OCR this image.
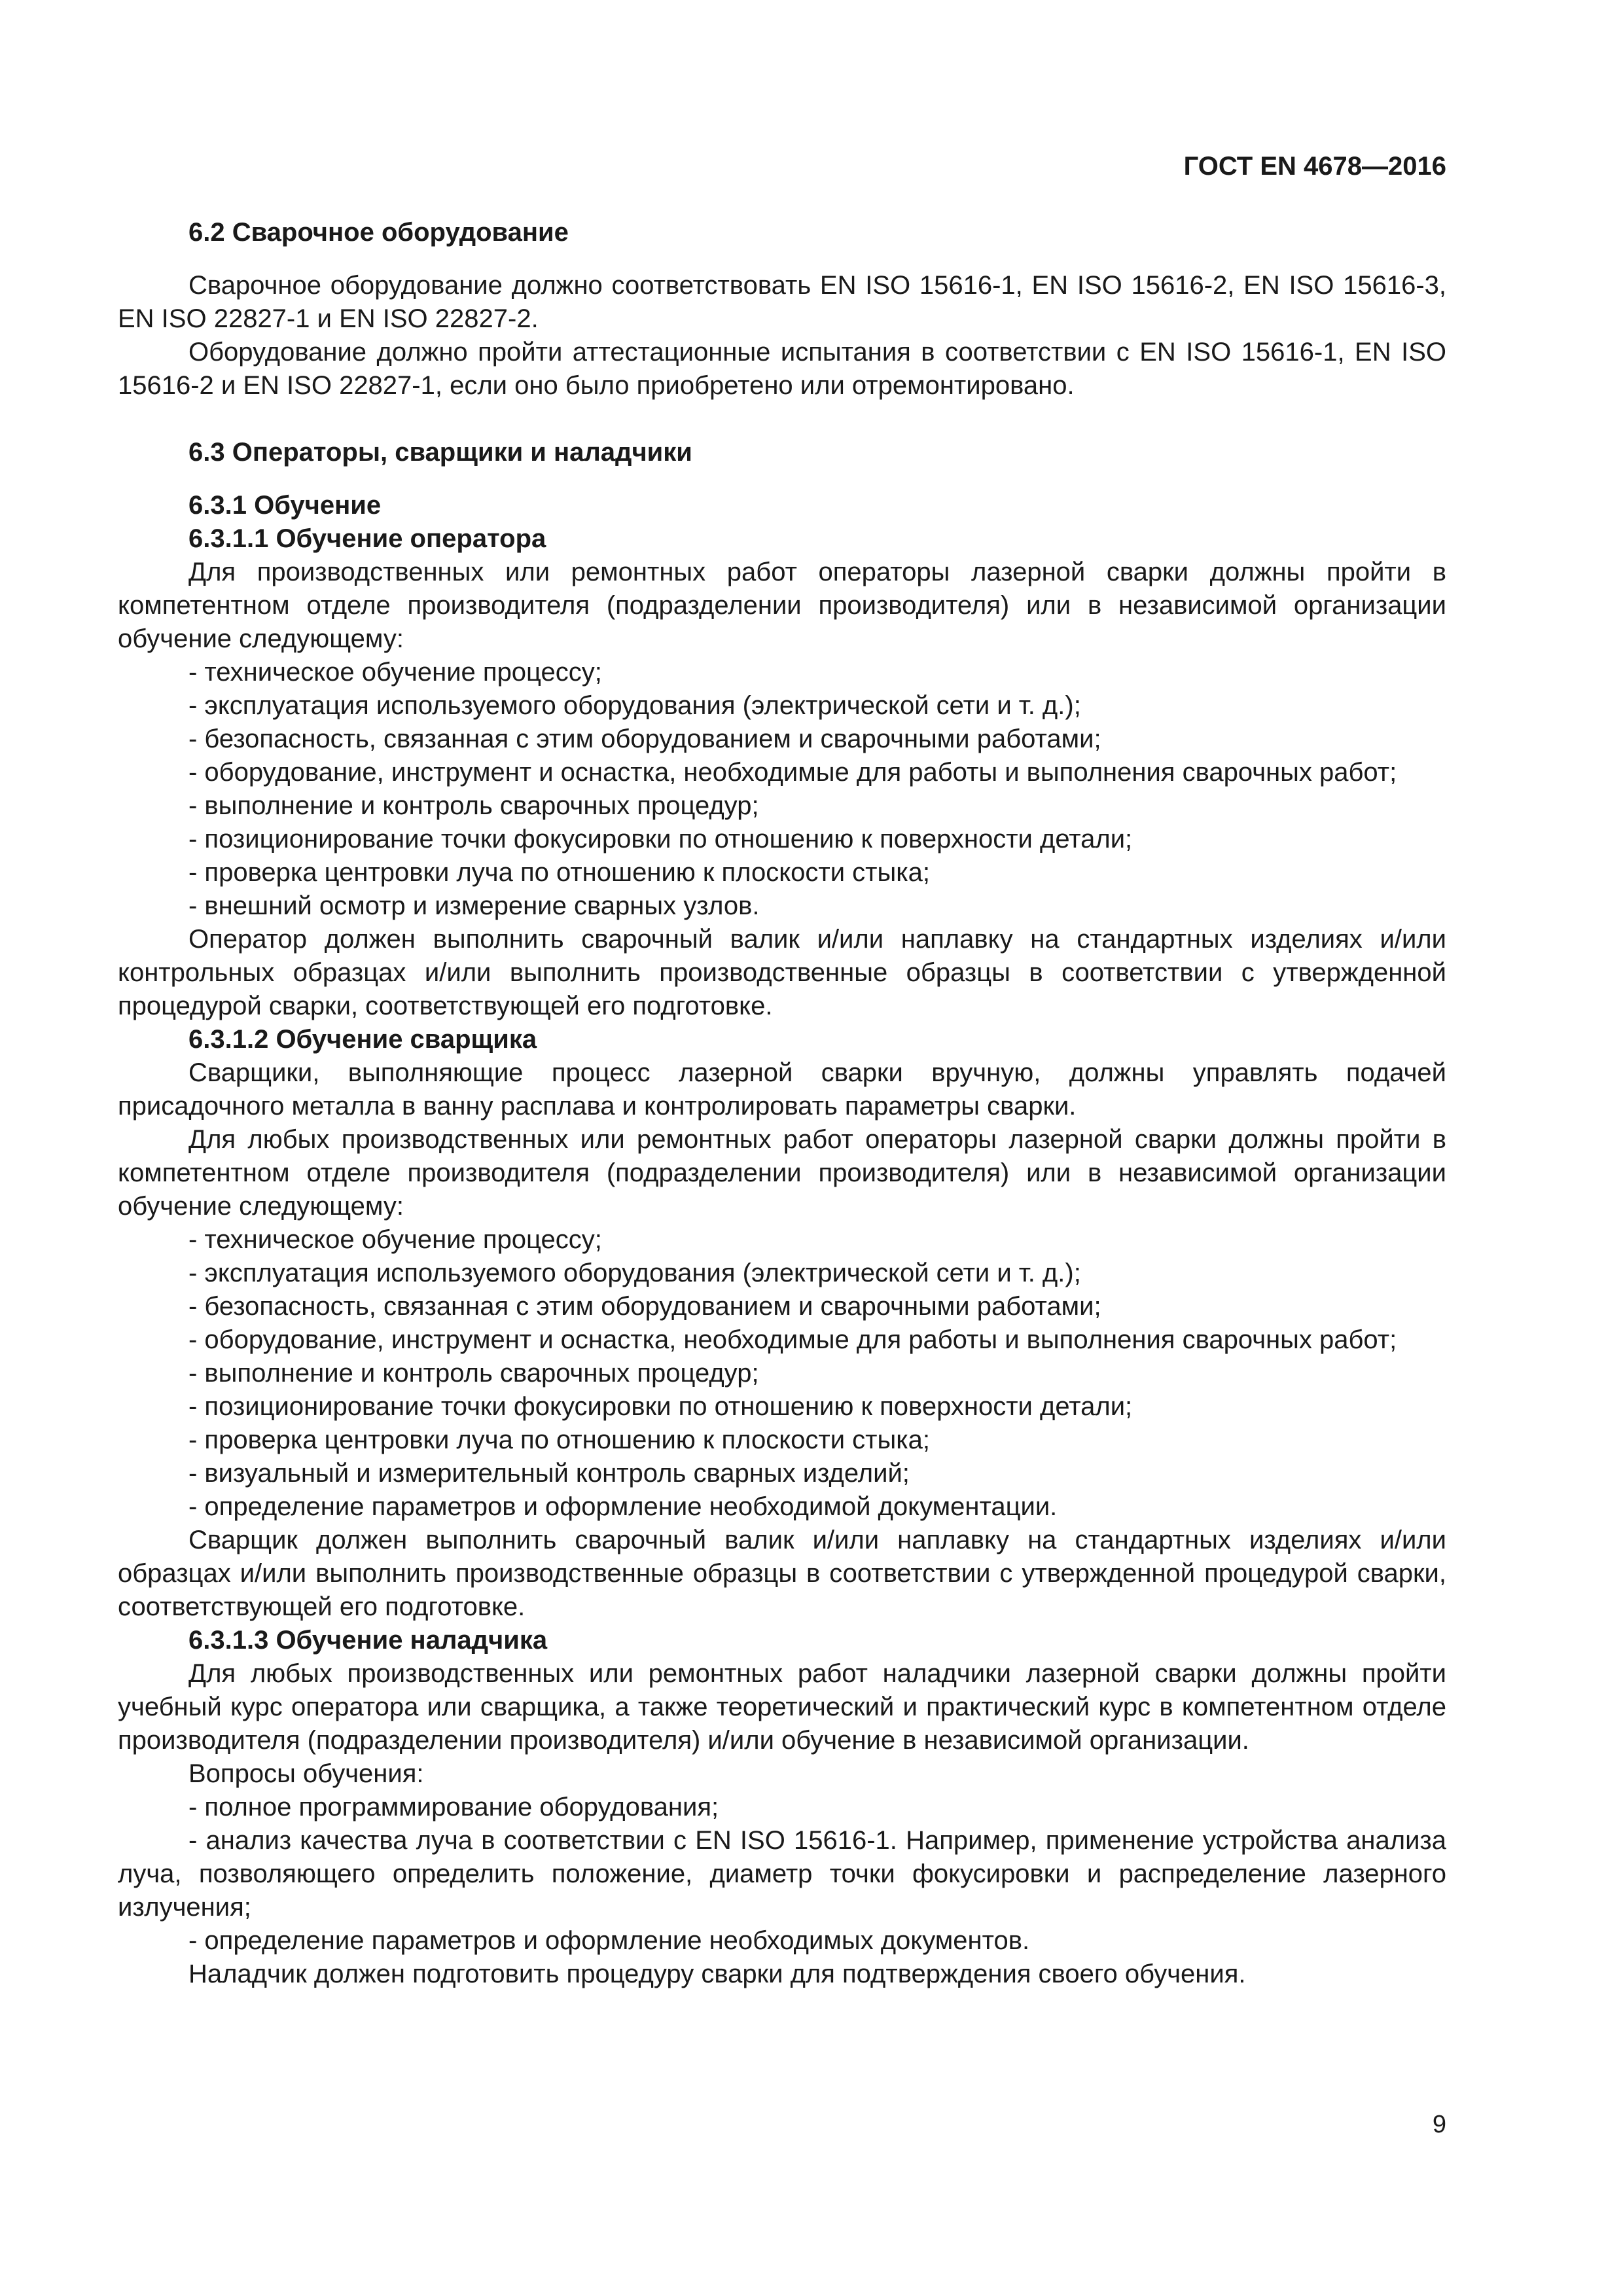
ГОСТ EN 4678—2016

6.2 Сварочное оборудование

Сварочное оборудование должно соответствовать EN ISO 15616-1, EN ISO 15616-2, EN ISO 15616-3, EN ISO 22827-1 и EN ISO 22827-2.

Оборудование должно пройти аттестационные испытания в соответствии с EN ISO 15616-1, EN ISO 15616-2 и EN ISO 22827-1, если оно было приобретено или отремонтировано.

6.3 Операторы, сварщики и наладчики

6.3.1 Обучение

6.3.1.1 Обучение оператора

Для производственных или ремонтных работ операторы лазерной сварки должны пройти в компетентном отделе производителя (подразделении производителя) или в независимой организации обучение следующему:

- техническое обучение процессу;

- эксплуатация используемого оборудования (электрической сети и т. д.);

- безопасность, связанная с этим оборудованием и сварочными работами;

- оборудование, инструмент и оснастка, необходимые для работы и выполнения сварочных работ;

- выполнение и контроль сварочных процедур;

- позиционирование точки фокусировки по отношению к поверхности детали;

- проверка центровки луча по отношению к плоскости стыка;

- внешний осмотр и измерение сварных узлов.

Оператор должен выполнить сварочный валик и/или наплавку на стандартных изделиях и/или контрольных образцах и/или выполнить производственные образцы в соответствии с утвержденной процедурой сварки, соответствующей его подготовке.

6.3.1.2 Обучение сварщика

Сварщики, выполняющие процесс лазерной сварки вручную, должны управлять подачей присадочного металла в ванну расплава и контролировать параметры сварки.

Для любых производственных или ремонтных работ операторы лазерной сварки должны пройти в компетентном отделе производителя (подразделении производителя) или в независимой организации обучение следующему:

- техническое обучение процессу;

- эксплуатация используемого оборудования (электрической сети и т. д.);

- безопасность, связанная с этим оборудованием и сварочными работами;

- оборудование, инструмент и оснастка, необходимые для работы и выполнения сварочных работ;

- выполнение и контроль сварочных процедур;

- позиционирование точки фокусировки по отношению к поверхности детали;

- проверка центровки луча по отношению к плоскости стыка;

- визуальный и измерительный контроль сварных изделий;

- определение параметров и оформление необходимой документации.

Сварщик должен выполнить сварочный валик и/или наплавку на стандартных изделиях и/или образцах и/или выполнить производственные образцы в соответствии с утвержденной процедурой сварки, соответствующей его подготовке.

6.3.1.3 Обучение наладчика

Для любых производственных или ремонтных работ наладчики лазерной сварки должны пройти учебный курс оператора или сварщика, а также теоретический и практический курс в компетентном отделе производителя (подразделении производителя) и/или обучение в независимой организации.

Вопросы обучения:

- полное программирование оборудования;

- анализ качества луча в соответствии с EN ISO 15616-1. Например, применение устройства анализа луча, позволяющего определить положение, диаметр точки фокусировки и распределение лазерного излучения;

- определение параметров и оформление необходимых документов.

Наладчик должен подготовить процедуру сварки для подтверждения своего обучения.

9
